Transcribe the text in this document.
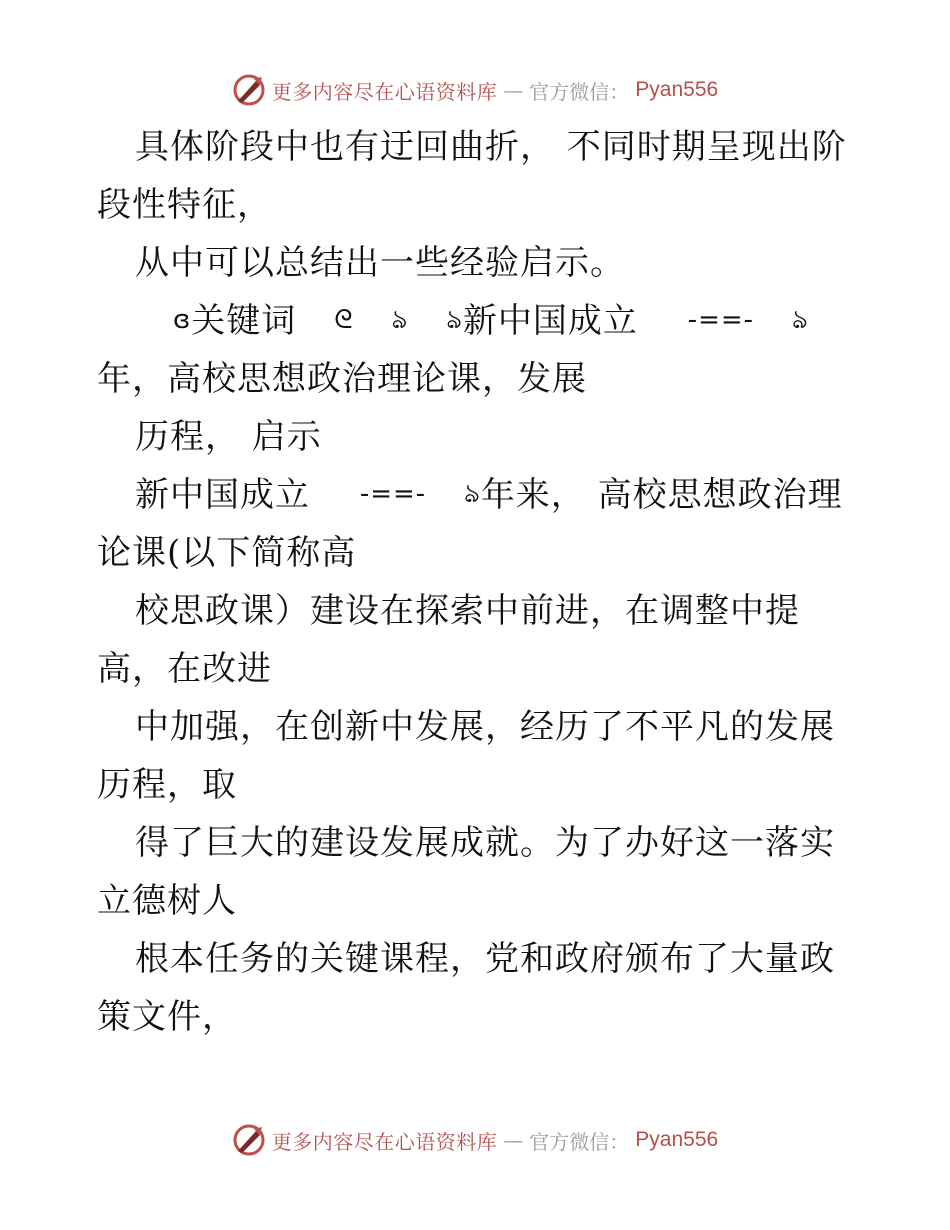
更多内容尽在心语资料库 — 官方微信： Pyan556

具体阶段中也有迂回曲折， 不同时期呈现出阶段性特征，

从中可以总结出一些经验启示。

ɞ关键词 ᘓ ঌ ঌ新中国成立 -==- ঌ年，高校思想政治理论课，发展

历程， 启示

新中国成立 -==- ঌ年来， 高校思想政治理论课(以下简称高

校思政课）建设在探索中前进，在调整中提高，在改进

中加强，在创新中发展，经历了不平凡的发展历程，取

得了巨大的建设发展成就。为了办好这一落实立德树人

根本任务的关键课程，党和政府颁布了大量政策文件，

更多内容尽在心语资料库 — 官方微信： Pyan556
